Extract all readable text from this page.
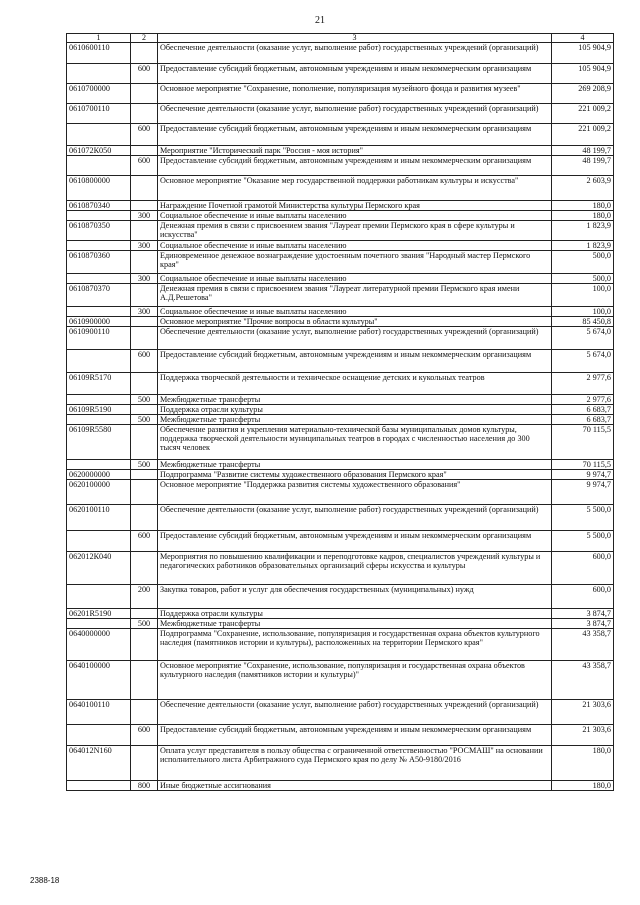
21
1	2	3	4
0610600110		Обеспечение деятельности (оказание услуг, выполнение работ) государственных учреждений (организаций)	105 904,9
	600	Предоставление субсидий бюджетным, автономным учреждениям и иным некоммерческим организациям	105 904,9
0610700000		Основное мероприятие "Сохранение, пополнение, популяризация музейного фонда и развития музеев"	269 208,9
0610700110		Обеспечение деятельности (оказание услуг, выполнение работ) государственных учреждений (организаций)	221 009,2
	600	Предоставление субсидий бюджетным, автономным учреждениям и иным некоммерческим организациям	221 009,2
061072К050		Мероприятие "Исторический парк "Россия - моя история"	48 199,7
	600	Предоставление субсидий бюджетным, автономным учреждениям и иным некоммерческим организациям	48 199,7
0610800000		Основное мероприятие "Оказание мер государственной поддержки работникам культуры и искусства"	2 603,9
0610870340		Награждение Почетной грамотой Министерства культуры Пермского края	180,0
	300	Социальное обеспечение и иные выплаты населению	180,0
0610870350		Денежная премия в связи с присвоением звания "Лауреат премии Пермского края в сфере культуры и искусства"	1 823,9
	300	Социальное обеспечение и иные выплаты населению	1 823,9
0610870360		Единовременное денежное вознаграждение удостоенным почетного звания "Народный мастер Пермского края"	500,0
	300	Социальное обеспечение и иные выплаты населению	500,0
0610870370		Денежная премия в связи с присвоением звания "Лауреат литературной премии Пермского края имени А.Д.Решетова"	100,0
	300	Социальное обеспечение и иные выплаты населению	100,0
0610900000		Основное мероприятие "Прочие вопросы в области культуры"	85 450,8
0610900110		Обеспечение деятельности (оказание услуг, выполнение работ) государственных учреждений (организаций)	5 674,0
	600	Предоставление субсидий бюджетным, автономным учреждениям и иным некоммерческим организациям	5 674,0
06109R5170		Поддержка творческой деятельности и техническое оснащение детских и кукольных театров	2 977,6
	500	Межбюджетные трансферты	2 977,6
06109R5190		Поддержка отрасли культуры	6 683,7
	500	Межбюджетные трансферты	6 683,7
06109R5580		Обеспечение развития и укрепления материально-технической базы муниципальных домов культуры, поддержка творческой деятельности муниципальных театров в городах с численностью населения до 300 тысяч человек	70 115,5
	500	Межбюджетные трансферты	70 115,5
0620000000		Подпрограмма "Развитие системы художественного образования Пермского края"	9 974,7
0620100000		Основное мероприятие "Поддержка развития системы художественного образования"	9 974,7
0620100110		Обеспечение деятельности (оказание услуг, выполнение работ) государственных учреждений (организаций)	5 500,0
	600	Предоставление субсидий бюджетным, автономным учреждениям и иным некоммерческим организациям	5 500,0
062012К040		Мероприятия по повышению квалификации и переподготовке кадров, специалистов учреждений культуры и педагогических работников образовательных организаций сферы искусства и культуры	600,0
	200	Закупка товаров, работ и услуг для обеспечения государственных (муниципальных) нужд	600,0
06201R5190		Поддержка отрасли культуры	3 874,7
	500	Межбюджетные трансферты	3 874,7
0640000000		Подпрограмма "Сохранение, использование, популяризация и государственная охрана объектов культурного наследия (памятников истории и культуры), расположенных на территории Пермского края"	43 358,7
0640100000		Основное мероприятие "Сохранение, использование, популяризация и государственная охрана объектов культурного наследия (памятников истории и культуры)"	43 358,7
0640100110		Обеспечение деятельности (оказание услуг, выполнение работ) государственных учреждений (организаций)	21 303,6
	600	Предоставление субсидий бюджетным, автономным учреждениям и иным некоммерческим организациям	21 303,6
064012N160		Оплата услуг представителя в пользу общества с ограниченной ответственностью "РОСМАШ" на основании исполнительного листа Арбитражного суда Пермского края по делу № А50-9180/2016	180,0
	800	Иные бюджетные ассигнования	180,0
2388-18
